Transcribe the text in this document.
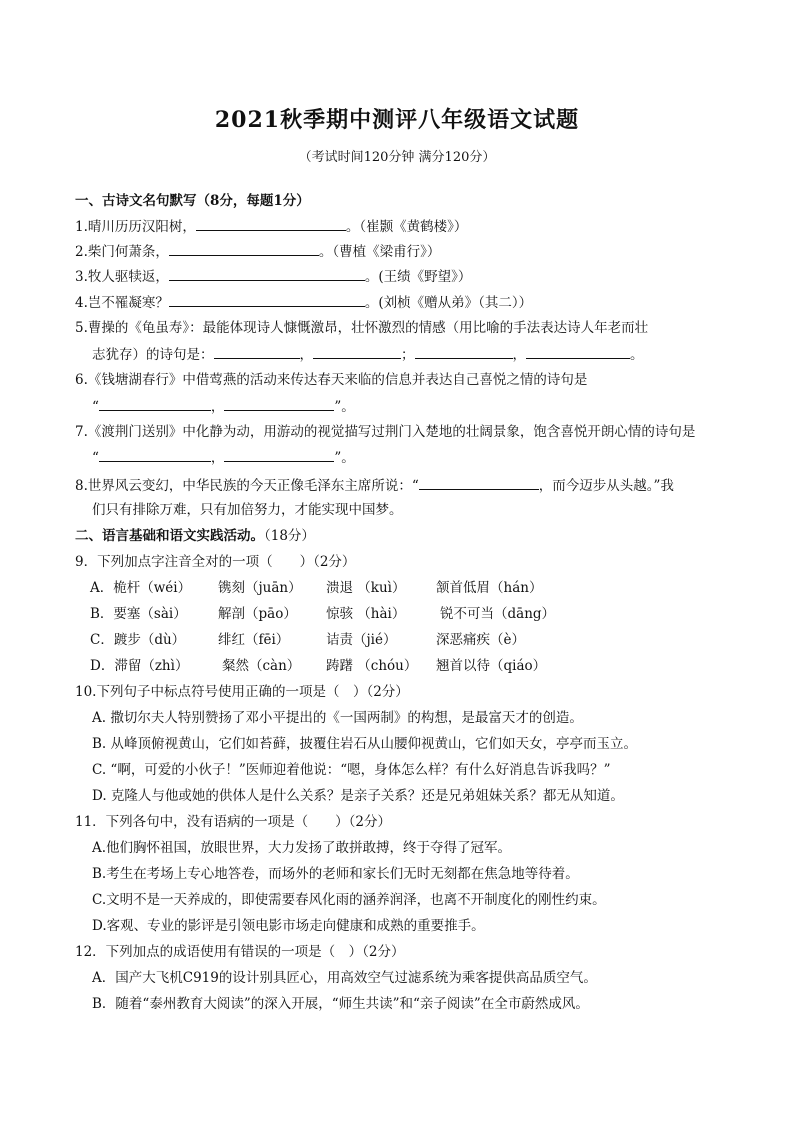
2021秋季期中测评八年级语文试题
（考试时间120分钟 满分120分）
一、古诗文名句默写（8分，每题1分）
1.晴川历历汉阳树，	。（崔颢《黄鹤楼》）
2.柴门何萧条，	。（曹植《梁甫行》）
3.牧人驱犊返，	。(王绩《野望》）
4.岂不罹凝寒？	。(刘桢《赠从弟》（其二））
5.曹操的《龟虽寿》：最能体现诗人慷慨激昂，壮怀激烈的情感（用比喻的手法表达诗人年老而壮
志犹存）的诗句是：	，	；	，	。
6.《钱塘湖春行》中借莺燕的活动来传达春天来临的信息并表达自己喜悦之情的诗句是
“	，	”。
7.《渡荆门送别》中化静为动，用游动的视觉描写过荆门入楚地的壮阔景象，饱含喜悦开朗心情的诗句是
“	，	”。
8.世界风云变幻，中华民族的今天正像毛泽东主席所说：“	，而今迈步从头越。”我
们只有排除万难，只有加倍努力，才能实现中国梦。
二、语言基础和语文实践活动。（18分）
9．下列加点字注音全对的一项（　　）（2分）
A．桅杆（wéi） 镌刻（juān） 溃退 （kuì） 颔首低眉（hán）
B．要塞（sài） 解剖（pāo） 惊骇 （hài）	锐不可当（dāng）
C．踱步（dù） 绯红（fēi）	诘责（jié）	深恶痛疾（è）
D．滞留（zhì） 粲然（càn） 踌躇 （chóu） 翘首以待（qiáo）
10.下列句子中标点符号使用正确的一项是（　）（2分）
A. 撒切尔夫人特别赞扬了邓小平提出的《一国两制》的构想，是最富天才的创造。
B. 从峰顶俯视黄山，它们如苔藓，披覆住岩石从山腰仰视黄山，它们如天女，亭亭而玉立。
C. “啊，可爱的小伙子！”医师迎着他说：“嗯，身体怎么样？有什么好消息告诉我吗？”
D. 克隆人与他或她的供体人是什么关系？是亲子关系？还是兄弟姐妹关系？都无从知道。
11．下列各句中，没有语病的一项是（　　）（2分）
A.他们胸怀祖国，放眼世界，大力发扬了敢拼敢搏，终于夺得了冠军。
B.考生在考场上专心地答卷，而场外的老师和家长们无时无刻都在焦急地等待着。
C.文明不是一天养成的，即使需要春风化雨的涵养润泽，也离不开制度化的刚性约束。
D.客观、专业的影评是引领电影市场走向健康和成熟的重要推手。
12．下列加点的成语使用有错误的一项是（　）（2分）
A．国产大飞机C919的设计别具匠心，用高效空气过滤系统为乘客提供高品质空气。
B．随着“泰州教育大阅读”的深入开展，“师生共读”和“亲子阅读”在全市蔚然成风。
